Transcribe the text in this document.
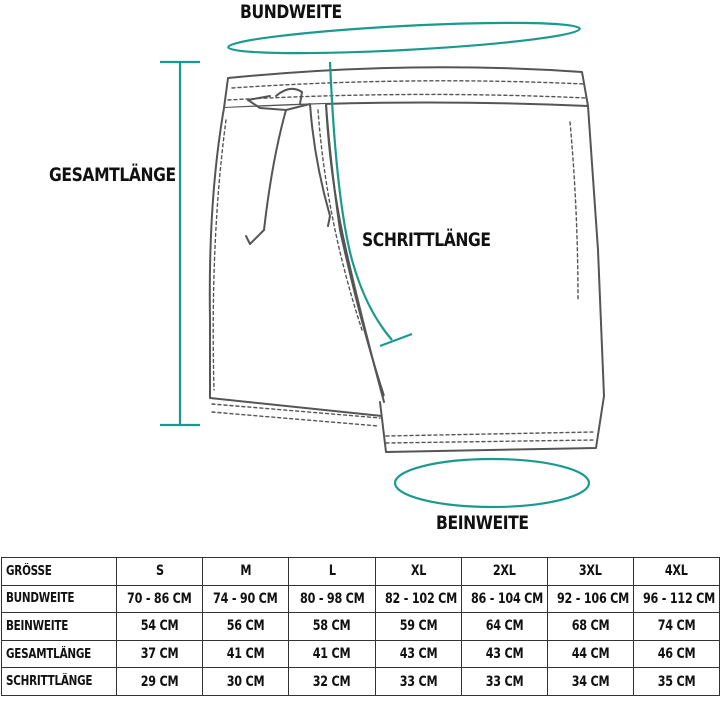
BUNDWEITE
GESAMTLÄNGE
SCHRITTLÄNGE
BEINWEITE
GRÖSSE	S	M	L	XL	2XL	3XL	4XL
BUNDWEITE	70 - 86 CM	74 - 90 CM	80 - 98 CM	82 - 102 CM	86 - 104 CM	92 - 106 CM	96 - 112 CM
BEINWEITE	54 CM	56 CM	58 CM	59 CM	64 CM	68 CM	74 CM
GESAMTLÄNGE	37 CM	41 CM	41 CM	43 CM	43 CM	44 CM	46 CM
SCHRITTLÄNGE	29 CM	30 CM	32 CM	33 CM	33 CM	34 CM	35 CM
